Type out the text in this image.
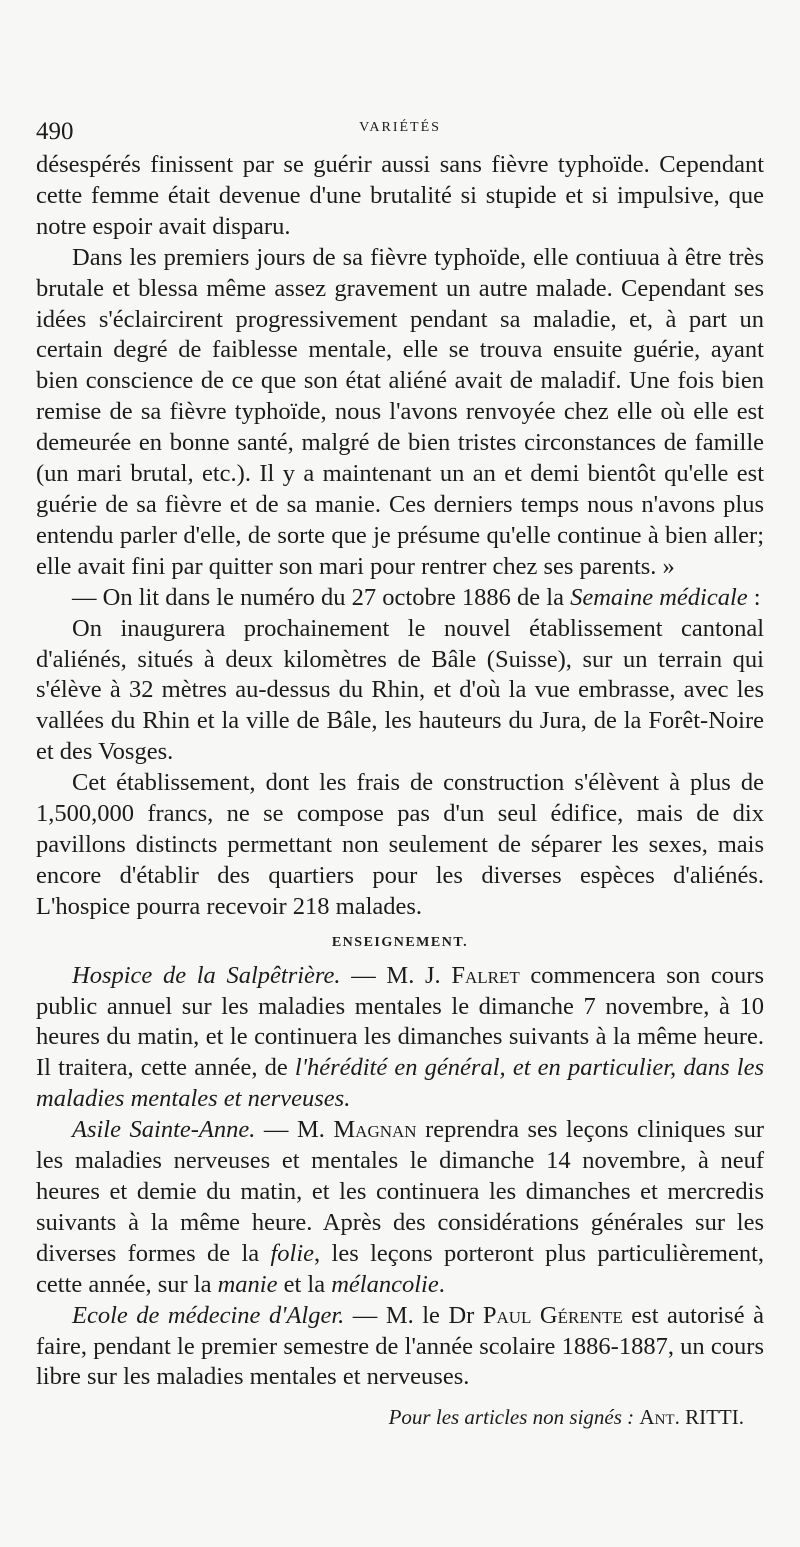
490	VARIÉTÉS

désespérés finissent par se guérir aussi sans fièvre typhoïde. Cependant cette femme était devenue d'une brutalité si stupide et si impulsive, que notre espoir avait disparu.

Dans les premiers jours de sa fièvre typhoïde, elle contiuua à être très brutale et blessa même assez gravement un autre malade. Cependant ses idées s'éclaircirent progressivement pendant sa maladie, et, à part un certain degré de faiblesse mentale, elle se trouva ensuite guérie, ayant bien conscience de ce que son état aliéné avait de maladif. Une fois bien remise de sa fièvre typhoïde, nous l'avons renvoyée chez elle où elle est demeurée en bonne santé, malgré de bien tristes circonstances de famille (un mari brutal, etc.). Il y a maintenant un an et demi bientôt qu'elle est guérie de sa fièvre et de sa manie. Ces derniers temps nous n'avons plus entendu parler d'elle, de sorte que je présume qu'elle continue à bien aller; elle avait fini par quitter son mari pour rentrer chez ses parents. »

— On lit dans le numéro du 27 octobre 1886 de la Semaine médicale :

On inaugurera prochainement le nouvel établissement cantonal d'aliénés, situés à deux kilomètres de Bâle (Suisse), sur un terrain qui s'élève à 32 mètres au-dessus du Rhin, et d'où la vue embrasse, avec les vallées du Rhin et la ville de Bâle, les hauteurs du Jura, de la Forêt-Noire et des Vosges.

Cet établissement, dont les frais de construction s'élèvent à plus de 1,500,000 francs, ne se compose pas d'un seul édifice, mais de dix pavillons distincts permettant non seulement de séparer les sexes, mais encore d'établir des quartiers pour les diverses espèces d'aliénés. L'hospice pourra recevoir 218 malades.

ENSEIGNEMENT.

Hospice de la Salpêtrière. — M. J. Falret commencera son cours public annuel sur les maladies mentales le dimanche 7 novembre, à 10 heures du matin, et le continuera les dimanches suivants à la même heure. Il traitera, cette année, de l'hérédité en général, et en particulier, dans les maladies mentales et nerveuses.

Asile Sainte-Anne. — M. Magnan reprendra ses leçons cliniques sur les maladies nerveuses et mentales le dimanche 14 novembre, à neuf heures et demie du matin, et les continuera les dimanches et mercredis suivants à la même heure. Après des considérations générales sur les diverses formes de la folie, les leçons porteront plus particulièrement, cette année, sur la manie et la mélancolie.

Ecole de médecine d'Alger. — M. le Dr Paul Gérente est autorisé à faire, pendant le premier semestre de l'année scolaire 1886-1887, un cours libre sur les maladies mentales et nerveuses.

Pour les articles non signés : Ant. RITTI.
